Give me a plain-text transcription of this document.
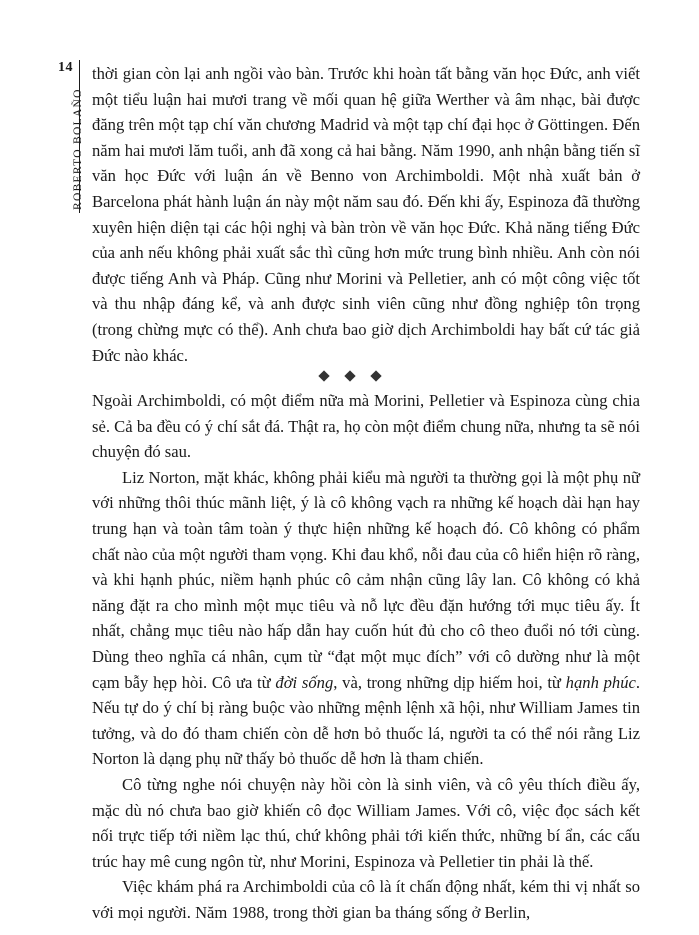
14
ROBERTO BOLAÑO

thời gian còn lại anh ngồi vào bàn. Trước khi hoàn tất bằng văn học Đức, anh viết một tiểu luận hai mươi trang về mối quan hệ giữa Werther và âm nhạc, bài được đăng trên một tạp chí văn chương Madrid và một tạp chí đại học ở Göttingen. Đến năm hai mươi lăm tuổi, anh đã xong cả hai bằng. Năm 1990, anh nhận bằng tiến sĩ văn học Đức với luận án về Benno von Archimboldi. Một nhà xuất bản ở Barcelona phát hành luận án này một năm sau đó. Đến khi ấy, Espinoza đã thường xuyên hiện diện tại các hội nghị và bàn tròn về văn học Đức. Khả năng tiếng Đức của anh nếu không phải xuất sắc thì cũng hơn mức trung bình nhiều. Anh còn nói được tiếng Anh và Pháp. Cũng như Morini và Pelletier, anh có một công việc tốt và thu nhập đáng kể, và anh được sinh viên cũng như đồng nghiệp tôn trọng (trong chừng mực có thể). Anh chưa bao giờ dịch Archimboldi hay bất cứ tác giả Đức nào khác.

Ngoài Archimboldi, có một điểm nữa mà Morini, Pelletier và Espinoza cùng chia sẻ. Cả ba đều có ý chí sắt đá. Thật ra, họ còn một điểm chung nữa, nhưng ta sẽ nói chuyện đó sau.

Liz Norton, mặt khác, không phải kiểu mà người ta thường gọi là một phụ nữ với những thôi thúc mãnh liệt, ý là cô không vạch ra những kế hoạch dài hạn hay trung hạn và toàn tâm toàn ý thực hiện những kế hoạch đó. Cô không có phẩm chất nào của một người tham vọng. Khi đau khổ, nỗi đau của cô hiển hiện rõ ràng, và khi hạnh phúc, niềm hạnh phúc cô cảm nhận cũng lây lan. Cô không có khả năng đặt ra cho mình một mục tiêu và nỗ lực đều đặn hướng tới mục tiêu ấy. Ít nhất, chẳng mục tiêu nào hấp dẫn hay cuốn hút đủ cho cô theo đuổi nó tới cùng. Dùng theo nghĩa cá nhân, cụm từ “đạt một mục đích” với cô dường như là một cạm bẫy hẹp hòi. Cô ưa từ đời sống, và, trong những dịp hiếm hoi, từ hạnh phúc. Nếu tự do ý chí bị ràng buộc vào những mệnh lệnh xã hội, như William James tin tưởng, và do đó tham chiến còn dễ hơn bỏ thuốc lá, người ta có thể nói rằng Liz Norton là dạng phụ nữ thấy bỏ thuốc dễ hơn là tham chiến.

Cô từng nghe nói chuyện này hồi còn là sinh viên, và cô yêu thích điều ấy, mặc dù nó chưa bao giờ khiến cô đọc William James. Với cô, việc đọc sách kết nối trực tiếp tới niềm lạc thú, chứ không phải tới kiến thức, những bí ẩn, các cấu trúc hay mê cung ngôn từ, như Morini, Espinoza và Pelletier tin phải là thế.

Việc khám phá ra Archimboldi của cô là ít chấn động nhất, kém thi vị nhất so với mọi người. Năm 1988, trong thời gian ba tháng sống ở Berlin,
